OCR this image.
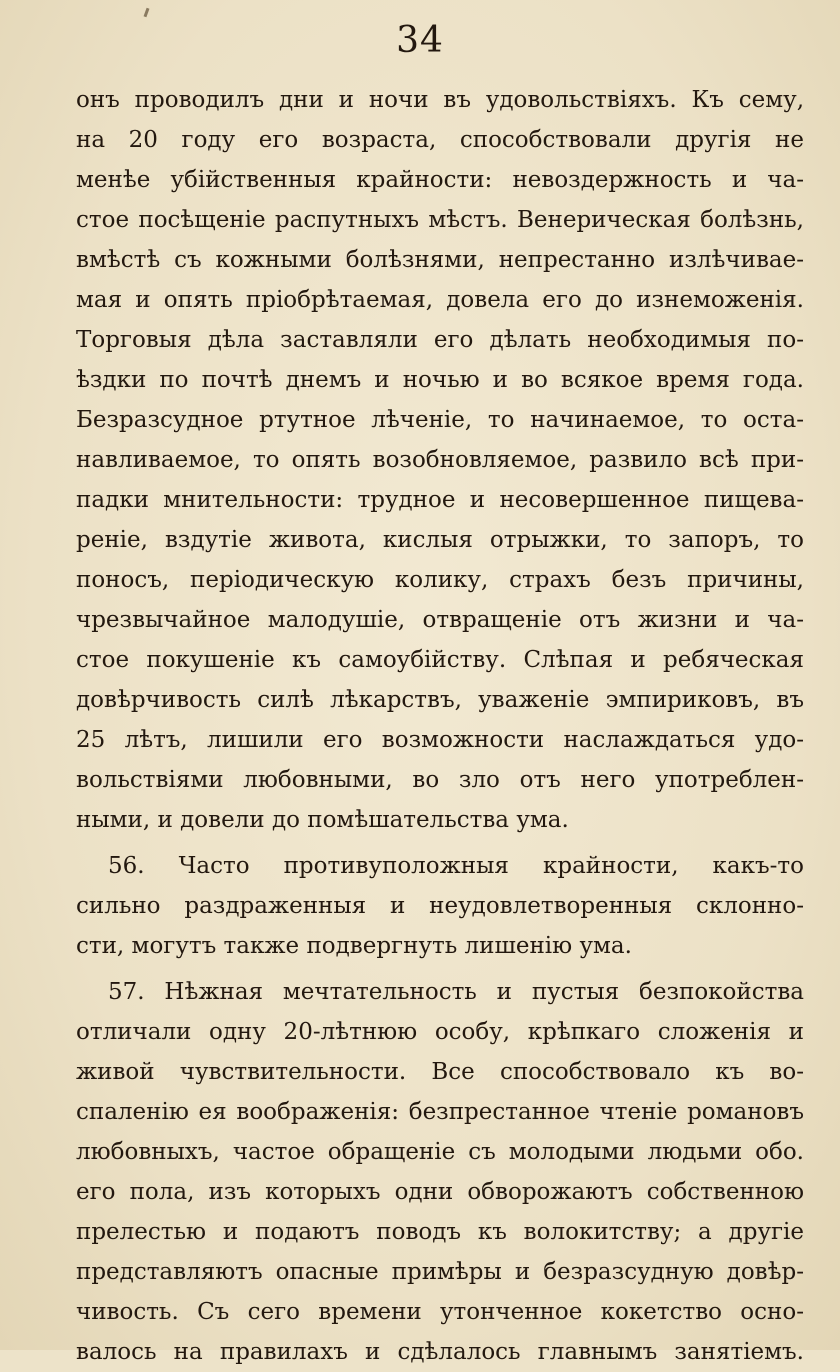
34
онъ проводилъ дни и ночи въ удовольствіяхъ. Къ сему,
на 20 году его возраста, способствовали другія не
менѣе убійственныя крайности: невоздержность и ча-
стое посѣщеніе распутныхъ мѣстъ. Венерическая болѣзнь,
вмѣстѣ съ кожными болѣзнями, непрестанно излѣчивае-
мая и опять пріобрѣтаемая, довела его до изнеможенія.
Торговыя дѣла заставляли его дѣлать необходимыя по-
ѣздки по почтѣ днемъ и ночью и во всякое время года.
Безразсудное ртутное лѣченіе, то начинаемое, то оста-
навливаемое, то опять возобновляемое, развило всѣ при-
падки мнительности: трудное и несовершенное пищева-
реніе, вздутіе живота, кислыя отрыжки, то запоръ, то
поносъ, періодическую колику, страхъ безъ причины,
чрезвычайное малодушіе, отвращеніе отъ жизни и ча-
стое покушеніе къ самоубійству. Слѣпая и ребяческая
довѣрчивость силѣ лѣкарствъ, уваженіе эмпириковъ, въ
25 лѣтъ, лишили его возможности наслаждаться удо-
вольствіями любовными, во зло отъ него употреблен-
ными, и довели до помѣшательства ума.
56. Часто противуположныя крайности, какъ-то
сильно раздраженныя и неудовлетворенныя склонно-
сти, могутъ также подвергнуть лишенію ума.
57. Нѣжная мечтательность и пустыя безпокойства
отличали одну 20-лѣтнюю особу, крѣпкаго сложенія и
живой чувствительности. Все способствовало къ во-
спаленію ея воображенія: безпрестанное чтеніе романовъ
любовныхъ, частое обращеніе съ молодыми людьми обо.
его пола, изъ которыхъ одни обворожаютъ собственною
прелестью и подаютъ поводъ къ волокитству; а другіе
представляютъ опасные примѣры и безразсудную довѣр-
чивость. Съ сего времени утонченное кокетство осно-
валось на правилахъ и сдѣлалось главнымъ занятіемъ.
